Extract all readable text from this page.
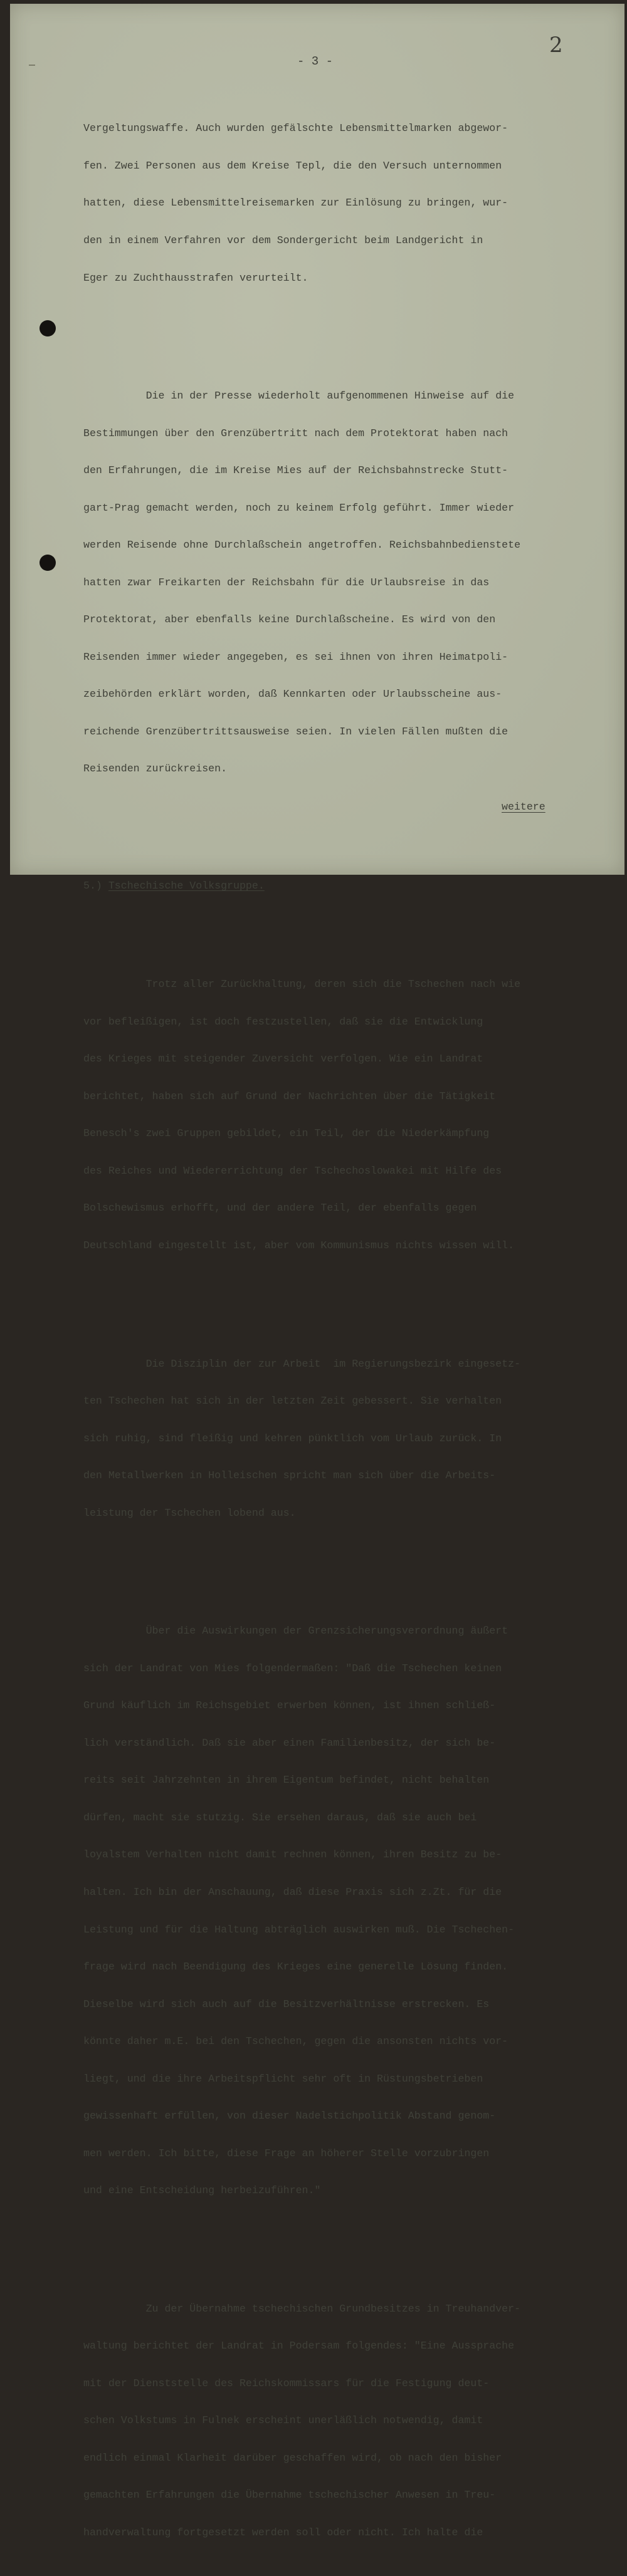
2
- 3 -

Vergeltungswaffe. Auch wurden gefälschte Lebensmittelmarken abgewor-

fen. Zwei Personen aus dem Kreise Tepl, die den Versuch unternommen

hatten, diese Lebensmittelreisemarken zur Einlösung zu bringen, wur-

den in einem Verfahren vor dem Sondergericht beim Landgericht in

Eger zu Zuchthausstrafen verurteilt.

Die in der Presse wiederholt aufgenommenen Hinweise auf die

Bestimmungen über den Grenzübertritt nach dem Protektorat haben nach

den Erfahrungen, die im Kreise Mies auf der Reichsbahnstrecke Stutt-

gart-Prag gemacht werden, noch zu keinem Erfolg geführt. Immer wieder

werden Reisende ohne Durchlaßschein angetroffen. Reichsbahnbedienstete

hatten zwar Freikarten der Reichsbahn für die Urlaubsreise in das

Protektorat, aber ebenfalls keine Durchlaßscheine. Es wird von den

Reisenden immer wieder angegeben, es sei ihnen von ihren Heimatpoli-

zeibehörden erklärt worden, daß Kennkarten oder Urlaubsscheine aus-

reichende Grenzübertrittsausweise seien. In vielen Fällen mußten die

Reisenden zurückreisen.

5.) Tschechische Volksgruppe.

Trotz aller Zurückhaltung, deren sich die Tschechen nach wie

vor befleißigen, ist doch festzustellen, daß sie die Entwicklung

des Krieges mit steigender Zuversicht verfolgen. Wie ein Landrat

berichtet, haben sich auf Grund der Nachrichten über die Tätigkeit

Benesch's zwei Gruppen gebildet, ein Teil, der die Niederkämpfung

des Reiches und Wiedererrichtung der Tschechoslowakei mit Hilfe des

Bolschewismus erhofft, und der andere Teil, der ebenfalls gegen

Deutschland eingestellt ist, aber vom Kommunismus nichts wissen will.

Die Disziplin der zur Arbeit  im Regierungsbezirk eingesetz-

ten Tschechen hat sich in der letzten Zeit gebessert. Sie verhalten

sich ruhig, sind fleißig und kehren pünktlich vom Urlaub zurück. In

den Metallwerken in Holleischen spricht man sich über die Arbeits-

leistung der Tschechen lobend aus.

Über die Auswirkungen der Grenzsicherungsverordnung äußert

sich der Landrat von Mies folgendermaßen: "Daß die Tschechen keinen

Grund käuflich im Reichsgebiet erwerben können, ist ihnen schließ-

lich verständlich. Daß sie aber einen Familienbesitz, der sich be-

reits seit Jahrzehnten in ihrem Eigentum befindet, nicht behalten

dürfen, macht sie stutzig. Sie ersehen daraus, daß sie auch bei

loyalstem Verhalten nicht damit rechnen können, ihren Besitz zu be-

halten. Ich bin der Anschauung, daß diese Praxis sich z.Zt. für die

Leistung und für die Haltung abträglich auswirken muß. Die Tschechen-

frage wird nach Beendigung des Krieges eine generelle Lösung finden.

Dieselbe wird sich auch auf die Besitzverhältnisse erstrecken. Es

könnte daher m.E. bei den Tschechen, gegen die ansonsten nichts vor-

liegt, und die ihre Arbeitspflicht sehr oft in Rüstungsbetrieben

gewissenhaft erfüllen, von dieser Nadelstichpolitik Abstand genom-

men werden. Ich bitte, diese Frage an höherer Stelle vorzubringen

und eine Entscheidung herbeizuführen."

Zu der Übernahme tschechischen Grundbesitzes in Treuhandver-

waltung berichtet der Landrat in Podersam folgendes: "Eine Aussprache

mit der Dienststelle des Reichskommissars für die Festigung deut-

schen Volkstums in Fulnek erscheint unerläßlich notwendig, damit

endlich einmal Klarheit darüber geschaffen wird, ob nach den bisher

gemachten Erfahrungen die Übernahme tschechischer Anwesen in Treu-

handverwaltung fortgesetzt werden soll oder nicht. Ich halte die

weitere
